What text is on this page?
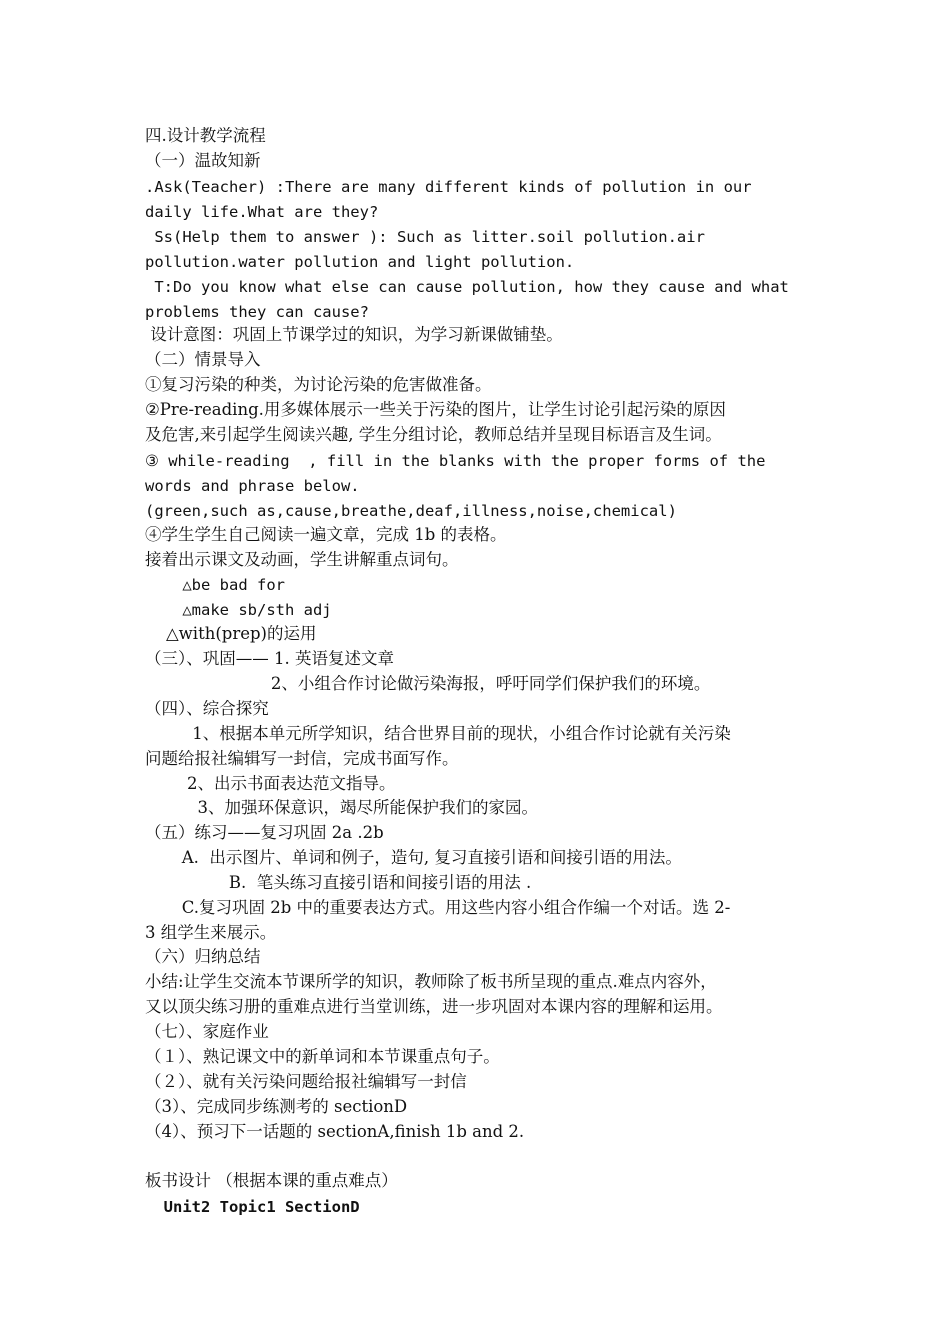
四.设计教学流程
（一）温故知新
.Ask(Teacher) :There are many different kinds of pollution in our
daily life.What are they?
Ss(Help them to answer ): Such as litter.soil pollution.air
pollution.water pollution and light pollution.
T:Do you know what else can cause pollution, how they cause and what
problems they can cause?
设计意图：巩固上节课学过的知识，为学习新课做铺垫。
（二）情景导入
①复习污染的种类，为讨论污染的危害做准备。
②Pre-reading.用多媒体展示一些关于污染的图片，让学生讨论引起污染的原因
及危害,来引起学生阅读兴趣, 学生分组讨论，教师总结并呈现目标语言及生词。
③ while-reading  , fill in the blanks with the proper forms of the
words and phrase below.
(green,such as,cause,breathe,deaf,illness,noise,chemical)
④学生学生自己阅读一遍文章，完成 1b 的表格。
接着出示课文及动画，学生讲解重点词句。
△be bad for
△make sb/sth adj
△with(prep)的运用
（三）、巩固—— 1. 英语复述文章
2、小组合作讨论做污染海报，呼吁同学们保护我们的环境。
（四）、综合探究
1、根据本单元所学知识，结合世界目前的现状，小组合作讨论就有关污染
问题给报社编辑写一封信，完成书面写作。
2、出示书面表达范文指导。
3、加强环保意识，竭尽所能保护我们的家园。
（五）练习——复习巩固 2a .2b
A.  出示图片、单词和例子，造句, 复习直接引语和间接引语的用法。
B.  笔头练习直接引语和间接引语的用法 .
C.复习巩固 2b 中的重要表达方式。用这些内容小组合作编一个对话。选 2-
3 组学生来展示。
（六）归纳总结
小结:让学生交流本节课所学的知识，教师除了板书所呈现的重点.难点内容外，
又以顶尖练习册的重难点进行当堂训练，进一步巩固对本课内容的理解和运用。
（七）、家庭作业
（１）、熟记课文中的新单词和本节课重点句子。
（２）、就有关污染问题给报社编辑写一封信
（3）、完成同步练测考的 sectionD
（4）、预习下一话题的 sectionA,finish 1b and 2.
板书设计 （根据本课的重点难点）
Unit2 Topic1 SectionD
